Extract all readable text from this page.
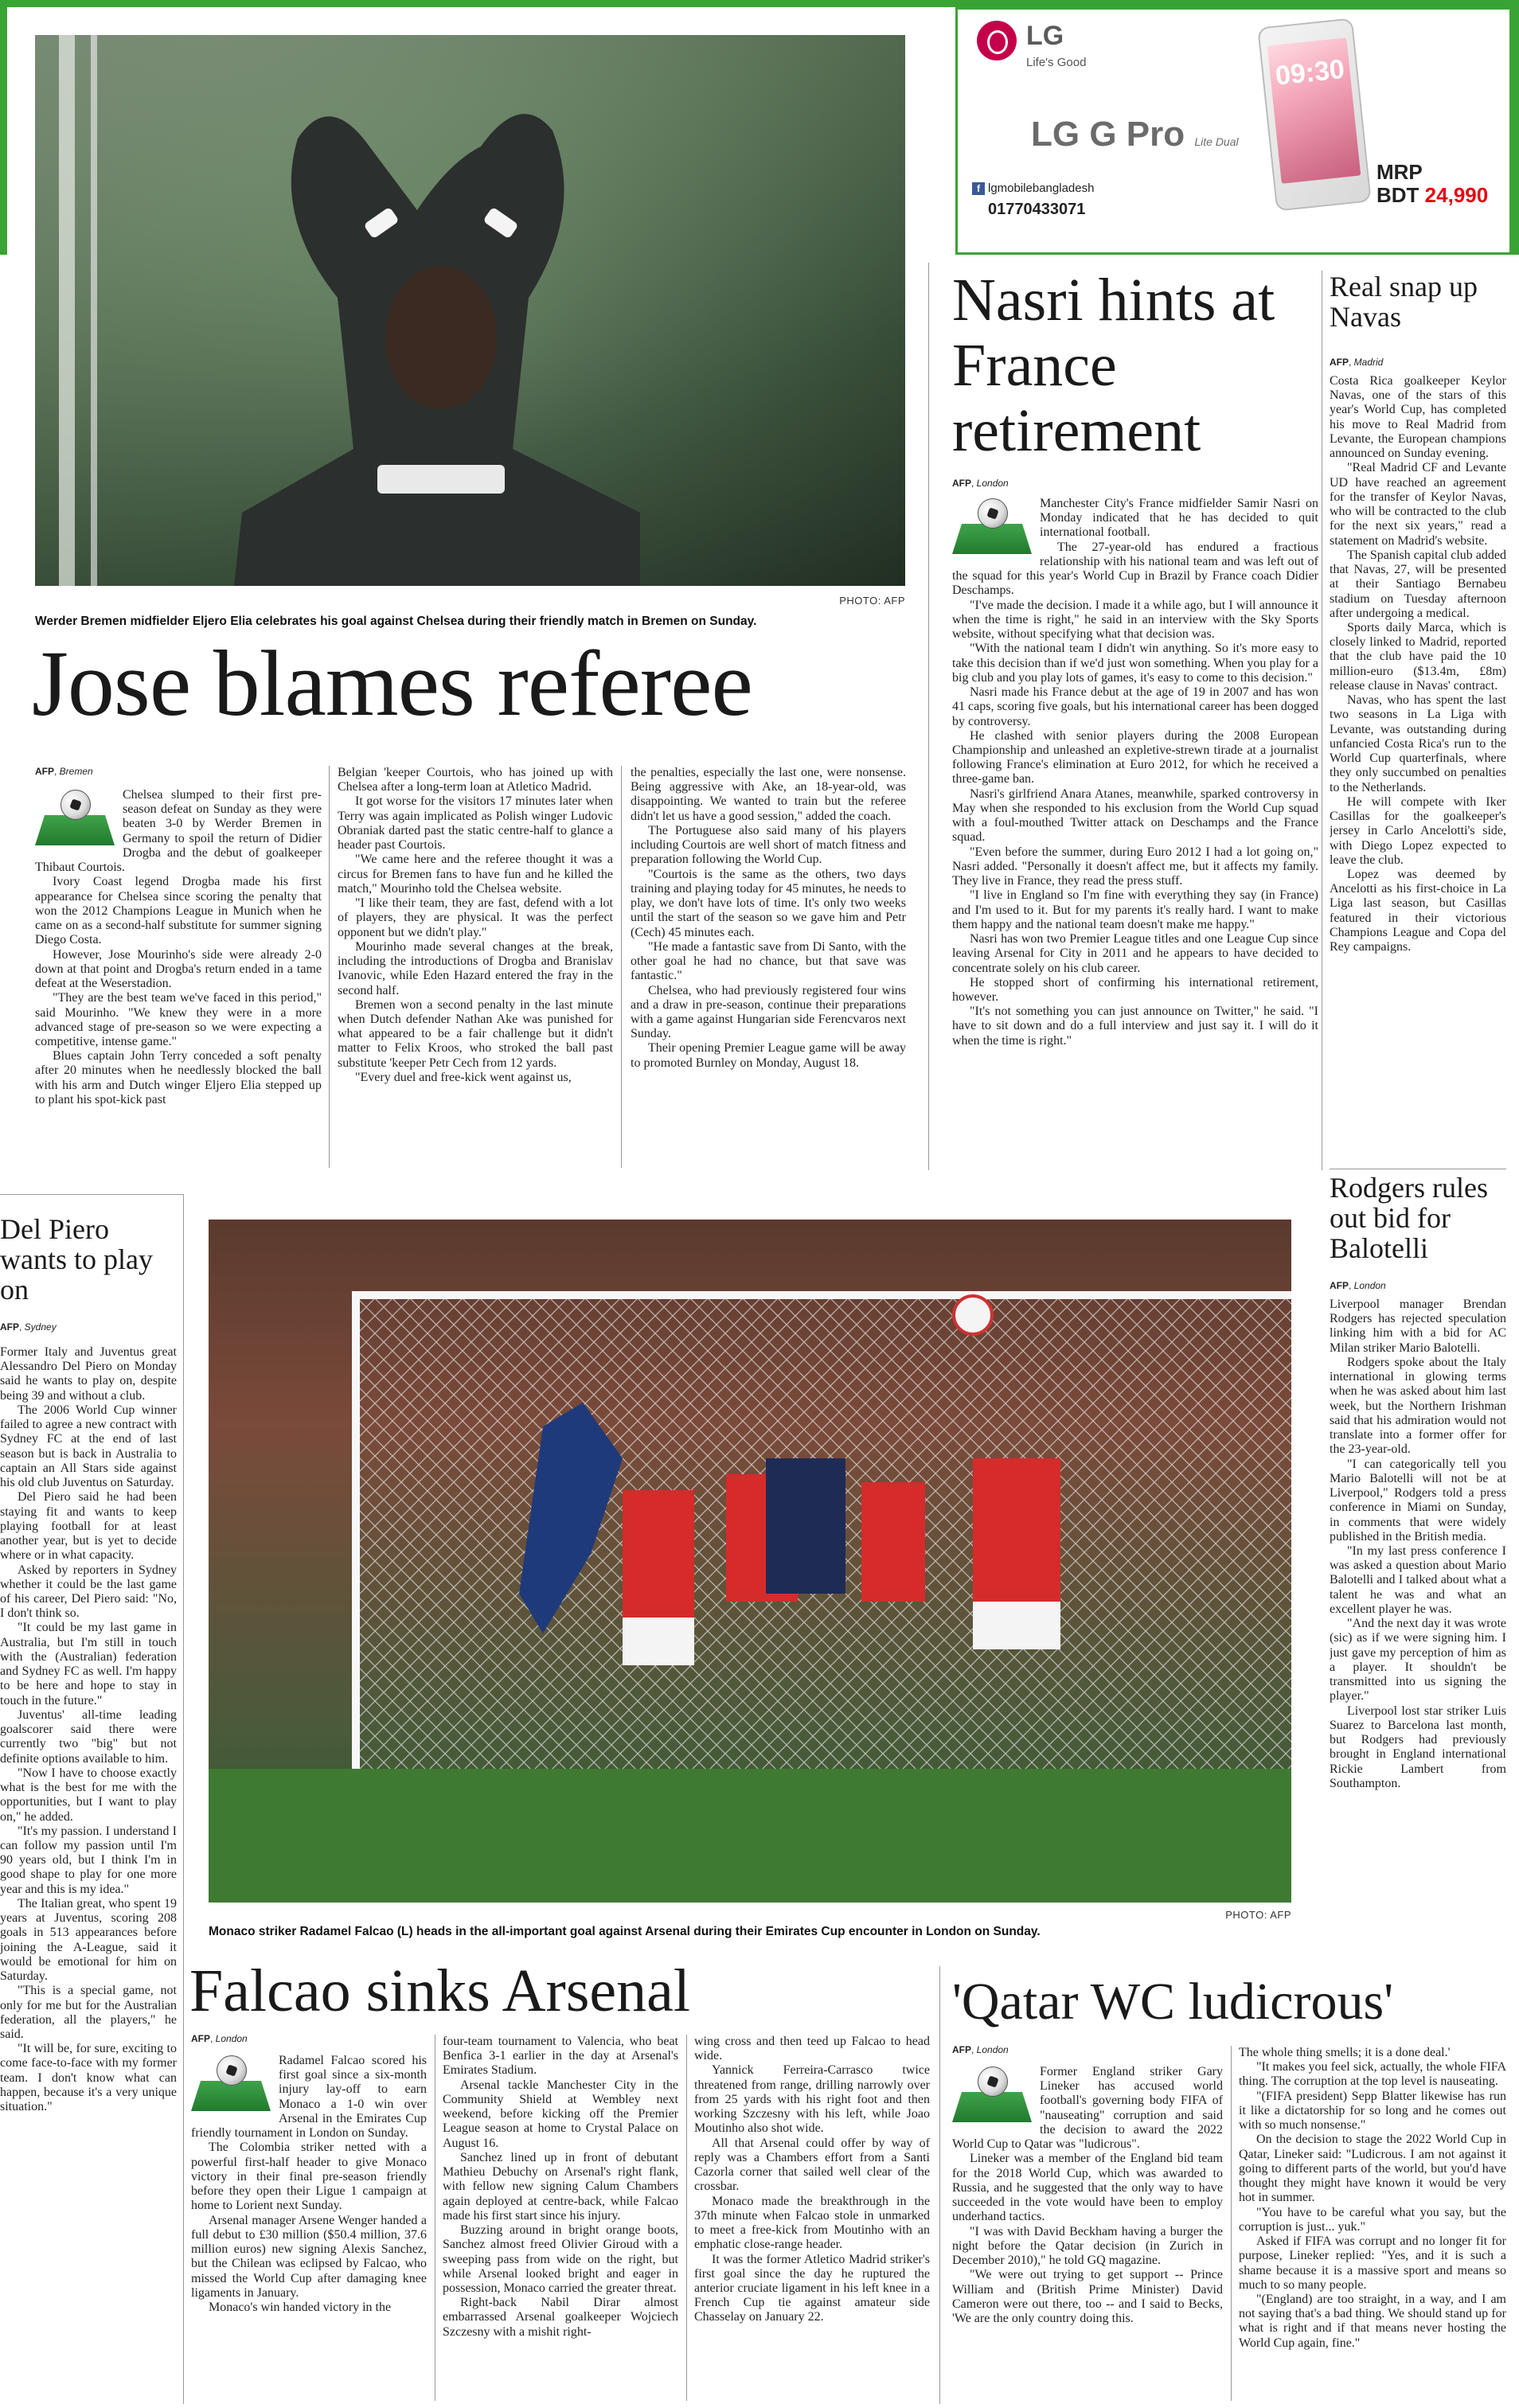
PHOTO: AFP
Werder Bremen midfielder Eljero Elia celebrates his goal against Chelsea during their friendly match in Bremen on Sunday.
LG
Life's Good
LG G Pro Lite Dual
f lgmobilebangladesh
01770433071
09:30
MRP
BDT 24,990
Jose blames referee
AFP, Bremen

Chelsea slumped to their first pre-season defeat on Sunday as they were beaten 3-0 by Werder Bremen in Germany to spoil the return of Didier Drogba and the debut of goalkeeper Thibaut Courtois.

Ivory Coast legend Drogba made his first appearance for Chelsea since scoring the penalty that won the 2012 Champions League in Munich when he came on as a second-half substitute for summer signing Diego Costa.

However, Jose Mourinho's side were already 2-0 down at that point and Drogba's return ended in a tame defeat at the Weserstadion.

"They are the best team we've faced in this period," said Mourinho. "We knew they were in a more advanced stage of pre-season so we were expecting a competitive, intense game."

Blues captain John Terry conceded a soft penalty after 20 minutes when he needlessly blocked the ball with his arm and Dutch winger Eljero Elia stepped up to plant his spot-kick past

Belgian 'keeper Courtois, who has joined up with Chelsea after a long-term loan at Atletico Madrid.

It got worse for the visitors 17 minutes later when Terry was again implicated as Polish winger Ludovic Obraniak darted past the static centre-half to glance a header past Courtois.

"We came here and the referee thought it was a circus for Bremen fans to have fun and he killed the match," Mourinho told the Chelsea website.

"I like their team, they are fast, defend with a lot of players, they are physical. It was the perfect opponent but we didn't play."

Mourinho made several changes at the break, including the introductions of Drogba and Branislav Ivanovic, while Eden Hazard entered the fray in the second half.

Bremen won a second penalty in the last minute when Dutch defender Nathan Ake was punished for what appeared to be a fair challenge but it didn't matter to Felix Kroos, who stroked the ball past substitute 'keeper Petr Cech from 12 yards.

"Every duel and free-kick went against us,

the penalties, especially the last one, were nonsense. Being aggressive with Ake, an 18-year-old, was disappointing. We wanted to train but the referee didn't let us have a good session," added the coach.

The Portuguese also said many of his players including Courtois are well short of match fitness and preparation following the World Cup.

"Courtois is the same as the others, two days training and playing today for 45 minutes, he needs to play, we don't have lots of time. It's only two weeks until the start of the season so we gave him and Petr (Cech) 45 minutes each.

"He made a fantastic save from Di Santo, with the other goal he had no chance, but that save was fantastic."

Chelsea, who had previously registered four wins and a draw in pre-season, continue their preparations with a game against Hungarian side Ferencvaros next Sunday.

Their opening Premier League game will be away to promoted Burnley on Monday, August 18.

Nasri hints at France retirement
AFP, London

Manchester City's France midfielder Samir Nasri on Monday indicated that he has decided to quit international football.

The 27-year-old has endured a fractious relationship with his national team and was left out of the squad for this year's World Cup in Brazil by France coach Didier Deschamps.

"I've made the decision. I made it a while ago, but I will announce it when the time is right," he said in an interview with the Sky Sports website, without specifying what that decision was.

"With the national team I didn't win anything. So it's more easy to take this decision than if we'd just won something. When you play for a big club and you play lots of games, it's easy to come to this decision."

Nasri made his France debut at the age of 19 in 2007 and has won 41 caps, scoring five goals, but his international career has been dogged by controversy.

He clashed with senior players during the 2008 European Championship and unleashed an expletive-strewn tirade at a journalist following France's elimination at Euro 2012, for which he received a three-game ban.

Nasri's girlfriend Anara Atanes, meanwhile, sparked controversy in May when she responded to his exclusion from the World Cup squad with a foul-mouthed Twitter attack on Deschamps and the France squad.

"Even before the summer, during Euro 2012 I had a lot going on," Nasri added. "Personally it doesn't affect me, but it affects my family. They live in France, they read the press stuff.

"I live in England so I'm fine with everything they say (in France) and I'm used to it. But for my parents it's really hard. I want to make them happy and the national team doesn't make me happy."

Nasri has won two Premier League titles and one League Cup since leaving Arsenal for City in 2011 and he appears to have decided to concentrate solely on his club career.

He stopped short of confirming his international retirement, however.

"It's not something you can just announce on Twitter," he said. "I have to sit down and do a full interview and just say it. I will do it when the time is right."

Real snap up Navas
AFP, Madrid

Costa Rica goalkeeper Keylor Navas, one of the stars of this year's World Cup, has completed his move to Real Madrid from Levante, the European champions announced on Sunday evening.

"Real Madrid CF and Levante UD have reached an agreement for the transfer of Keylor Navas, who will be contracted to the club for the next six years," read a statement on Madrid's website.

The Spanish capital club added that Navas, 27, will be presented at their Santiago Bernabeu stadium on Tuesday afternoon after undergoing a medical.

Sports daily Marca, which is closely linked to Madrid, reported that the club have paid the 10 million-euro ($13.4m, £8m) release clause in Navas' contract.

Navas, who has spent the last two seasons in La Liga with Levante, was outstanding during unfancied Costa Rica's run to the World Cup quarterfinals, where they only succumbed on penalties to the Netherlands.

He will compete with Iker Casillas for the goalkeeper's jersey in Carlo Ancelotti's side, with Diego Lopez expected to leave the club.

Lopez was deemed by Ancelotti as his first-choice in La Liga last season, but Casillas featured in their victorious Champions League and Copa del Rey campaigns.

Rodgers rules out bid for Balotelli
AFP, London

Liverpool manager Brendan Rodgers has rejected speculation linking him with a bid for AC Milan striker Mario Balotelli.

Rodgers spoke about the Italy international in glowing terms when he was asked about him last week, but the Northern Irishman said that his admiration would not translate into a former offer for the 23-year-old.

"I can categorically tell you Mario Balotelli will not be at Liverpool," Rodgers told a press conference in Miami on Sunday, in comments that were widely published in the British media.

"In my last press conference I was asked a question about Mario Balotelli and I talked about what a talent he was and what an excellent player he was.

"And the next day it was wrote (sic) as if we were signing him. I just gave my perception of him as a player. It shouldn't be transmitted into us signing the player."

Liverpool lost star striker Luis Suarez to Barcelona last month, but Rodgers had previously brought in England international Rickie Lambert from Southampton.

Del Piero wants to play on
AFP, Sydney

Former Italy and Juventus great Alessandro Del Piero on Monday said he wants to play on, despite being 39 and without a club.

The 2006 World Cup winner failed to agree a new contract with Sydney FC at the end of last season but is back in Australia to captain an All Stars side against his old club Juventus on Saturday.

Del Piero said he had been staying fit and wants to keep playing football for at least another year, but is yet to decide where or in what capacity.

Asked by reporters in Sydney whether it could be the last game of his career, Del Piero said: "No, I don't think so.

"It could be my last game in Australia, but I'm still in touch with the (Australian) federation and Sydney FC as well. I'm happy to be here and hope to stay in touch in the future."

Juventus' all-time leading goalscorer said there were currently two "big" but not definite options available to him.

"Now I have to choose exactly what is the best for me with the opportunities, but I want to play on," he added.

"It's my passion. I understand I can follow my passion until I'm 90 years old, but I think I'm in good shape to play for one more year and this is my idea."

The Italian great, who spent 19 years at Juventus, scoring 208 goals in 513 appearances before joining the A-League, said it would be emotional for him on Saturday.

"This is a special game, not only for me but for the Australian federation, all the players," he said.

"It will be, for sure, exciting to come face-to-face with my former team. I don't know what can happen, because it's a very unique situation."

PHOTO: AFP
Monaco striker Radamel Falcao (L) heads in the all-important goal against Arsenal during their Emirates Cup encounter in London on Sunday.
Falcao sinks Arsenal
AFP, London

Radamel Falcao scored his first goal since a six-month injury lay-off to earn Monaco a 1-0 win over Arsenal in the Emirates Cup friendly tournament in London on Sunday.

The Colombia striker netted with a powerful first-half header to give Monaco victory in their final pre-season friendly before they open their Ligue 1 campaign at home to Lorient next Sunday.

Arsenal manager Arsene Wenger handed a full debut to £30 million ($50.4 million, 37.6 million euros) new signing Alexis Sanchez, but the Chilean was eclipsed by Falcao, who missed the World Cup after damaging knee ligaments in January.

Monaco's win handed victory in the

four-team tournament to Valencia, who beat Benfica 3-1 earlier in the day at Arsenal's Emirates Stadium.

Arsenal tackle Manchester City in the Community Shield at Wembley next weekend, before kicking off the Premier League season at home to Crystal Palace on August 16.

Sanchez lined up in front of debutant Mathieu Debuchy on Arsenal's right flank, with fellow new signing Calum Chambers again deployed at centre-back, while Falcao made his first start since his injury.

Buzzing around in bright orange boots, Sanchez almost freed Olivier Giroud with a sweeping pass from wide on the right, but while Arsenal looked bright and eager in possession, Monaco carried the greater threat.

Right-back Nabil Dirar almost embarrassed Arsenal goalkeeper Wojciech Szczesny with a mishit right-

wing cross and then teed up Falcao to head wide.

Yannick Ferreira-Carrasco twice threatened from range, drilling narrowly over from 25 yards with his right foot and then working Szczesny with his left, while Joao Moutinho also shot wide.

All that Arsenal could offer by way of reply was a Chambers effort from a Santi Cazorla corner that sailed well clear of the crossbar.

Monaco made the breakthrough in the 37th minute when Falcao stole in unmarked to meet a free-kick from Moutinho with an emphatic close-range header.

It was the former Atletico Madrid striker's first goal since the day he ruptured the anterior cruciate ligament in his left knee in a French Cup tie against amateur side Chasselay on January 22.

'Qatar WC ludicrous'
AFP, London

Former England striker Gary Lineker has accused world football's governing body FIFA of "nauseating" corruption and said the decision to award the 2022 World Cup to Qatar was "ludicrous".

Lineker was a member of the England bid team for the 2018 World Cup, which was awarded to Russia, and he suggested that the only way to have succeeded in the vote would have been to employ underhand tactics.

"I was with David Beckham having a burger the night before the Qatar decision (in Zurich in December 2010)," he told GQ magazine.

"We were out trying to get support -- Prince William and (British Prime Minister) David Cameron were out there, too -- and I said to Becks, 'We are the only country doing this.

The whole thing smells; it is a done deal.'

"It makes you feel sick, actually, the whole FIFA thing. The corruption at the top level is nauseating.

"(FIFA president) Sepp Blatter likewise has run it like a dictatorship for so long and he comes out with so much nonsense."

On the decision to stage the 2022 World Cup in Qatar, Lineker said: "Ludicrous. I am not against it going to different parts of the world, but you'd have thought they might have known it would be very hot in summer.

"You have to be careful what you say, but the corruption is just... yuk."

Asked if FIFA was corrupt and no longer fit for purpose, Lineker replied: "Yes, and it is such a shame because it is a massive sport and means so much to so many people.

"(England) are too straight, in a way, and I am not saying that's a bad thing. We should stand up for what is right and if that means never hosting the World Cup again, fine."
